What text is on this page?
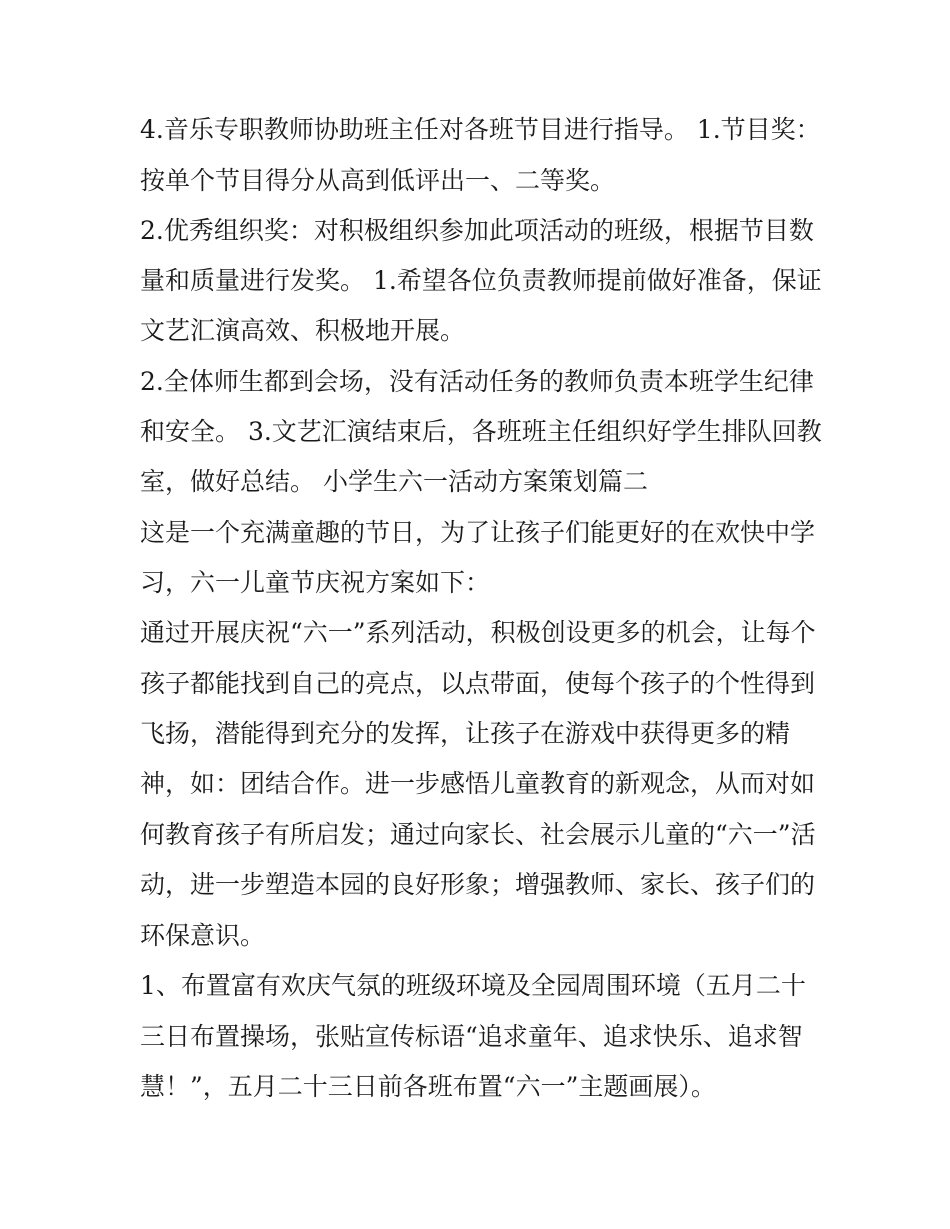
4.音乐专职教师协助班主任对各班节目进行指导。 1.节目奖：
按单个节目得分从高到低评出一、二等奖。
2.优秀组织奖：对积极组织参加此项活动的班级，根据节目数
量和质量进行发奖。 1.希望各位负责教师提前做好准备，保证
文艺汇演高效、积极地开展。
2.全体师生都到会场，没有活动任务的教师负责本班学生纪律
和安全。 3.文艺汇演结束后，各班班主任组织好学生排队回教
室，做好总结。 小学生六一活动方案策划篇二
这是一个充满童趣的节日，为了让孩子们能更好的在欢快中学
习，六一儿童节庆祝方案如下：
通过开展庆祝“六一”系列活动，积极创设更多的机会，让每个
孩子都能找到自己的亮点，以点带面，使每个孩子的个性得到
飞扬，潜能得到充分的发挥，让孩子在游戏中获得更多的精
神，如：团结合作。进一步感悟儿童教育的新观念，从而对如
何教育孩子有所启发；通过向家长、社会展示儿童的“六一”活
动，进一步塑造本园的良好形象；增强教师、家长、孩子们的
环保意识。
1、布置富有欢庆气氛的班级环境及全园周围环境（五月二十
三日布置操场，张贴宣传标语“追求童年、追求快乐、追求智
慧！”，五月二十三日前各班布置“六一”主题画展）。
